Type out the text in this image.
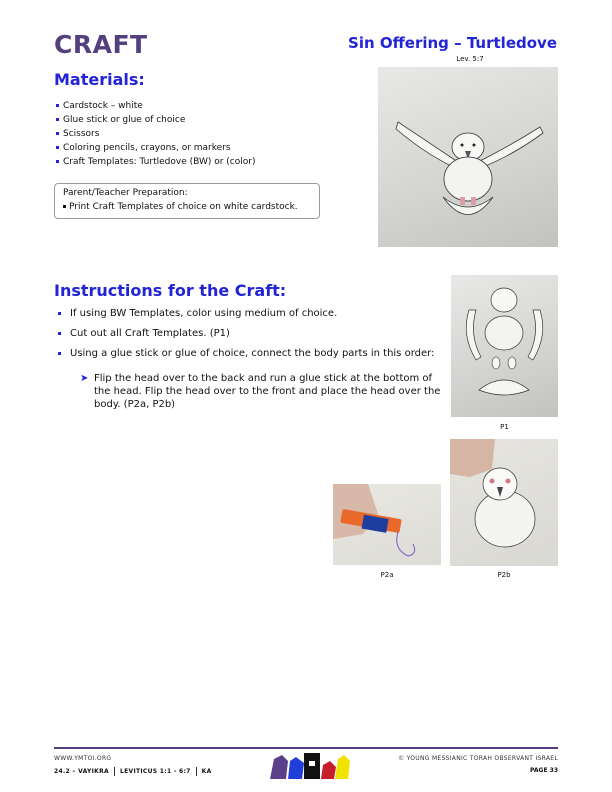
CRAFT	Sin Offering – Turtledove
Lev. 5:7
Materials:
Cardstock – white
Glue stick or glue of choice
Scissors
Coloring pencils, crayons, or markers
Craft Templates: Turtledove (BW) or (color)
Parent/Teacher Preparation:
Print Craft Templates of choice on white cardstock.
Instructions for the Craft:
If using BW Templates, color using medium of choice.
Cut out all Craft Templates. (P1)
Using a glue stick or glue of choice, connect the body parts in this order:
➤ Flip the head over to the back and run a glue stick at the bottom of the head. Flip the head over to the front and place the head over the body. (P2a, P2b)
P1
P2a	P2b
WWW.YMTOI.ORG
24.2 – VAYIKRA LEVITICUS 1:1 - 6:7 KA
© YOUNG MESSIANIC TORAH OBSERVANT ISRAEL
PAGE 33
